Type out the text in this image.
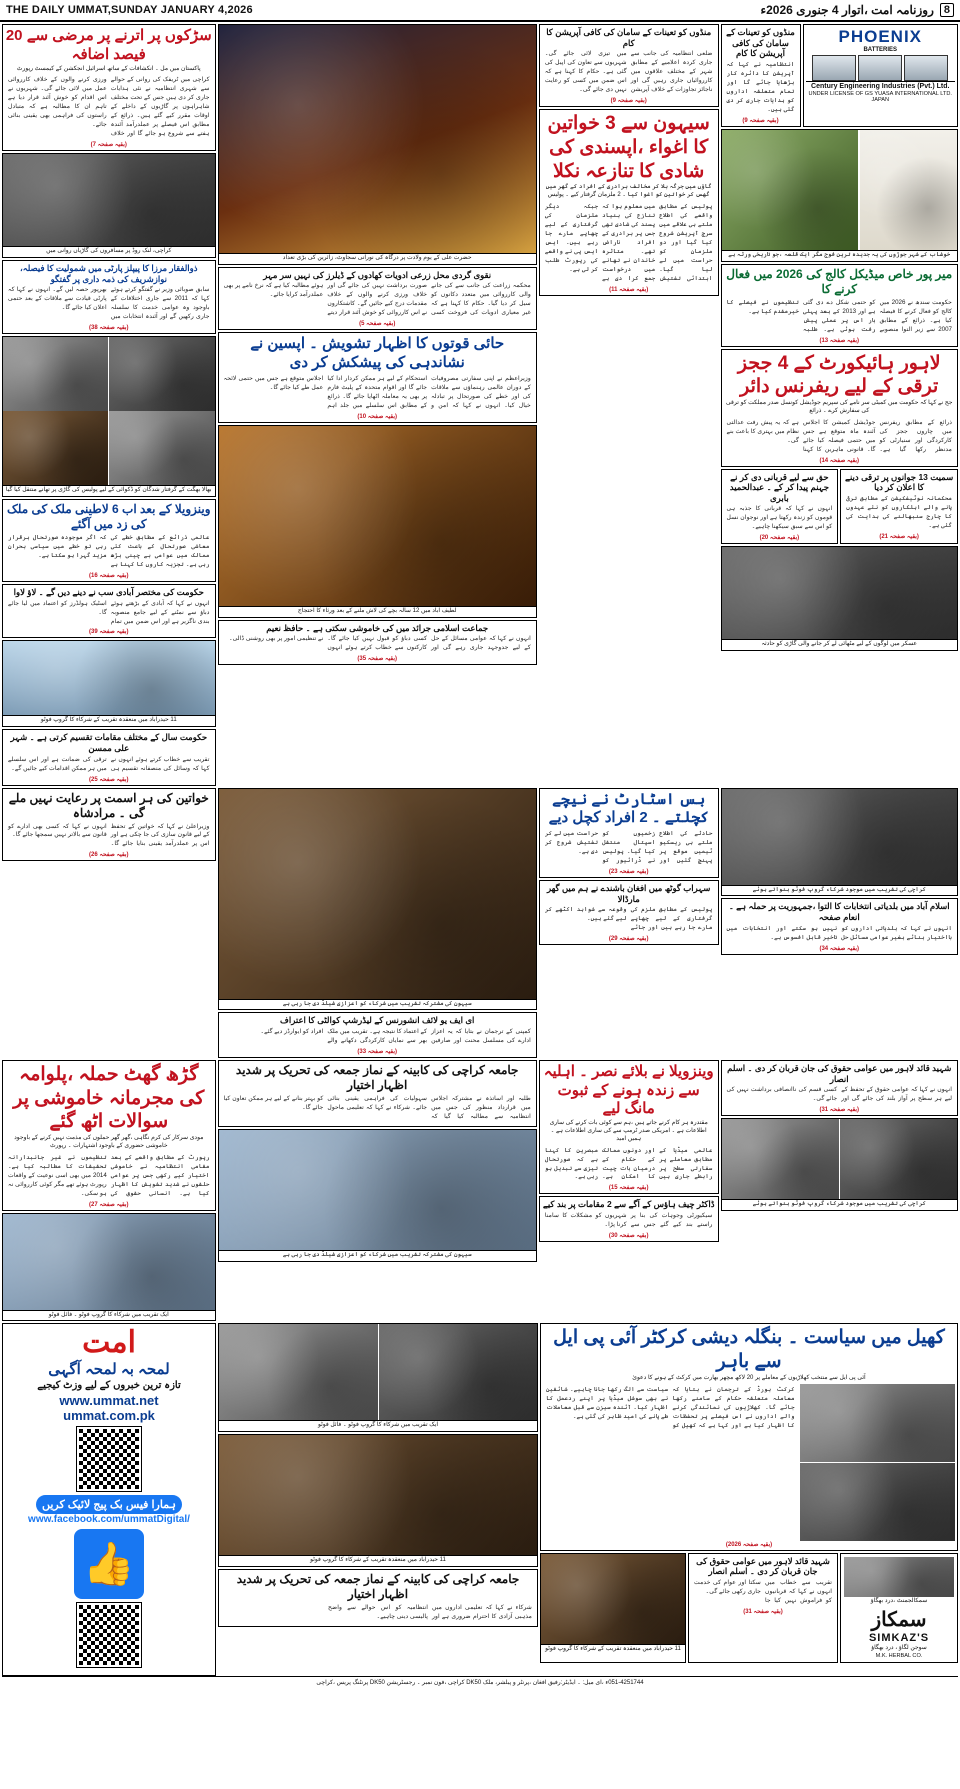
THE DAILY UMMAT,SUNDAY JANUARY 4,2026	روزنامہ امت ،اتوار 4 جنوری 2026ء 8
سڑکوں پر اترنے پر مرضی سے 20 فیصد اضافہ
پاکستان میں مل ۔ انکشافات کے ساتھ اسرائیل انجکشن کے کیمسٹ رپورٹ
کراچی میں ٹریفک کی روانی کے حوالے سے شہری انتظامیہ نے نئی ہدایات جاری کر دی ہیں جس کے تحت مختلف شاہراہوں پر گاڑیوں کے داخلے کے اوقات مقرر کیے گئے ہیں۔ ذرائع کے مطابق اس فیصلے پر عملدرآمد آئندہ ہفتے سے شروع ہو جائے گا اور خلاف ورزی کرنے والوں کے خلاف کارروائی عمل میں لائی جائے گی۔ شہریوں نے اس اقدام کو خوش آئند قرار دیا ہے تاہم ان کا مطالبہ ہے کہ متبادل راستوں کی فراہمی بھی یقینی بنائی جائے۔
(بقیہ صفحہ 7)
کراچی، لنک روڈ پر مسافروں کی گاڑیاں روانی میں
ذوالفقار مرزا کا پیپلز پارٹی میں شمولیت کا فیصلہ، نوازشریف کی ذمہ داری پر گفتگو
سابق صوبائی وزیر نے گفتگو کرتے ہوئے کہا کہ 2011 سے جاری اختلافات کے باوجود وہ عوامی خدمت کا سلسلہ جاری رکھیں گے اور آئندہ انتخابات میں بھرپور حصہ لیں گے۔ انہوں نے کہا کہ پارٹی قیادت سے ملاقات کے بعد حتمی اعلان کیا جائے گا۔
(بقیہ صفحہ 38)
بھالا بھگت کے گرفتار شدگان کو ڈکوائی کے لیے پولیس کی گاڑی پر تھانے منتقل کیا گیا
وینزویلا کے بعد اب 6 لاطینی ملک کی ملک کی زد میں آگئے
عالمی ذرائع کے مطابق خطے کی معاشی صورتحال کے باعث کئی ممالک میں عوامی بے چینی بڑھ رہی ہے۔ تجزیہ کاروں کا کہنا ہے کہ اگر موجودہ صورتحال برقرار رہی تو خطے میں سیاسی بحران مزید گہرا ہو سکتا ہے۔
(بقیہ صفحہ 16)
حکومت کی مختصر آبادی سب نے دینے دیں گے ۔ لاؤ لاوا
انہوں نے کہا کہ آبادی کے بڑھتے ہوئے دباؤ سے نمٹنے کے لیے جامع منصوبہ بندی ناگزیر ہے اور اس ضمن میں تمام اسٹیک ہولڈرز کو اعتماد میں لیا جائے گا۔
(بقیہ صفحہ 39)
11 حیدرآباد میں منعقدہ تقریب کے شرکاء کا گروپ فوٹو
حکومت سال کے مختلف مقامات تقسیم کرتی ہے ۔ شہر علی ممسن
تقریب سے خطاب کرتے ہوئے انہوں نے کہا کہ وسائل کی منصفانہ تقسیم ہی ترقی کی ضمانت ہے اور اس سلسلے میں ہر ممکن اقدامات کیے جائیں گے۔
(بقیہ صفحہ 25)
حضرت علی کے یوم ولادت پر درگاہ کی نورانی سجاوٹ، زائرین کی بڑی تعداد
نقوی گردی محل زرعی ادویات کھادوں کے ڈیلرز کی نہیں سر مہر
محکمہ زراعت کی جانب سے کی جانے والی کارروائی میں متعدد دکانوں کو سیل کر دیا گیا۔ حکام کا کہنا ہے کہ غیر معیاری ادویات کی فروخت کسی صورت برداشت نہیں کی جائے گی اور خلاف ورزی کرنے والوں کے خلاف مقدمات درج کیے جائیں گے۔ کاشتکاروں نے اس کارروائی کو خوش آئند قرار دیتے ہوئے مطالبہ کیا ہے کہ نرخ نامے پر بھی عملدرآمد کرایا جائے۔
(بقیہ صفحہ 5)
حائی قوتوں کا اظہار تشویش ۔ اپسین نے نشاندہی کی پیشکش کر دی
وزیراعظم نے اپنی سفارتی مصروفیات کے دوران عالمی رہنماؤں سے ملاقات کی اور خطے کی صورتحال پر تبادلہ خیال کیا۔ انہوں نے کہا کہ امن و استحکام کے لیے ہر ممکن کردار ادا کیا جائے گا اور اقوام متحدہ کے پلیٹ فارم پر بھی یہ معاملہ اٹھایا جائے گا۔ ذرائع کے مطابق اس سلسلے میں جلد اہم اجلاس متوقع ہے جس میں حتمی لائحہ عمل طے کیا جائے گا۔
(بقیہ صفحہ 10)
لطیف آباد میں 12 سالہ بچے کی لاش ملنے کے بعد ورثاء کا احتجاج
جماعت اسلامی جرائد میں کی خاموشی سکتی ہے ۔ حافظ نعیم
انہوں نے کہا کہ عوامی مسائل کے حل کے لیے جدوجہد جاری رہے گی اور کسی دباؤ کو قبول نہیں کیا جائے گا۔ کارکنوں سے خطاب کرتے ہوئے انہوں نے تنظیمی امور پر بھی روشنی ڈالی۔
(بقیہ صفحہ 35)
منڈوں کو تعینات کے سامان کی کافی آپریشن کا کام
ضلعی انتظامیہ کی جانب سے جاری کردہ اعلامیے کے مطابق شہر کے مختلف علاقوں میں کارروائیاں جاری رہیں گی اور ناجائز تجاوزات کے خلاف آپریشن میں تیزی لائی جائے گی۔ شہریوں سے تعاون کی اپیل کی گئی ہے۔ حکام کا کہنا ہے کہ اس ضمن میں کسی کو رعایت نہیں دی جائے گی۔
(بقیہ صفحہ 9)
سیہون سے 3 خواتین کا اغواء ،اپسندی کی شادی کا تنازعہ نکلا
گاؤں میں جرگہ بلا کر مخالف برادری کے افراد کے گھر میں گھس کر خواتین کو اغوا کیا ۔ 2 ملزمان گرفتار کیے ۔ پولیس
پولیس کے مطابق واقعے کی اطلاع ملتے ہی علاقے میں سرچ آپریشن شروع کیا گیا اور دو ملزمان کو حراست میں لے لیا گیا۔ ابتدائی تفتیش میں معلوم ہوا کہ تنازع کی بنیاد پسند کی شادی تھی جس پر برادری کے افراد ناراض تھے۔ متاثرہ خاندان نے تھانے میں درخواست جمع کرا دی ہے جبکہ دیگر ملزمان کی گرفتاری کے لیے چھاپے مارے جا رہے ہیں۔ ایس ایس پی نے واقعے کی رپورٹ طلب کر لی ہے۔
(بقیہ صفحہ 11)
منڈوں کو تعینات کے سامان کی کافی آپریشن کا کام
انتظامیہ نے کہا کہ آپریشن کا دائرہ کار بڑھایا جائے گا اور تمام متعلقہ اداروں کو ہدایات جاری کر دی گئی ہیں۔
(بقیہ صفحہ 9)
PHOENIX
BATTERIES
Century Engineering Industries (Pvt.) Ltd.
UNDER LICENSE OF GS YUASA INTERNATIONAL LTD. JAPAN
خوشاب کے شہر جوڑوں کی یہ جدیدہ ترین فوج مگر ایک قلعہ ،جو تاریخی ورثہ ہے
میر پور خاص میڈیکل کالج کی 2026 میں فعال کرنے کا
حکومت سندھ نے 2026 میں کالج کو فعال کرنے کا فیصلہ کیا ہے۔ ذرائع کے مطابق 2007 سے زیر التوا منصوبے کو حتمی شکل دے دی گئی ہے اور 2013 کے بعد پہلی بار اس پر عملی پیش رفت ہوئی ہے۔ طلبہ تنظیموں نے فیصلے کا خیرمقدم کیا ہے۔
(بقیہ صفحہ 13)
لاہور ہائیکورٹ کے 4 ججز ترقی کے لیے ریفرنس دائر
جج نے کہا کہ حکومت میں کمیٹی سر نامے کی سپریم جوڈیشل کونسل صدر مملکت کو ترقی کی سفارش کرے ۔ ذرائع
ذرائع کے مطابق ریفرنس میں چاروں ججز کی کارکردگی اور سنیارٹی کو مدنظر رکھا گیا ہے۔ جوڈیشل کمیشن کا اجلاس آئندہ ماہ متوقع ہے جس میں حتمی فیصلہ کیا جائے گا۔ قانونی ماہرین کا کہنا ہے کہ یہ پیش رفت عدالتی نظام میں بہتری کا باعث بنے گی۔
(بقیہ صفحہ 14)
حق سے لیے قربانی دی کر نے جہنم پیدا کر کے ۔ عبدالحمید بابری
انہوں نے کہا کہ قربانی کا جذبہ ہی قوموں کو زندہ رکھتا ہے اور نوجوان نسل کو اس سے سبق سیکھنا چاہیے۔
(بقیہ صفحہ 20)
سمیت 13 جوانوں پر ترقی دینے کا اعلان کر دیا
محکمانہ نوٹیفکیشن کے مطابق ترقی پانے والے اہلکاروں کو نئے عہدوں کا چارج سنبھالنے کی ہدایت کی گئی ہے۔
(بقیہ صفحہ 21)
عسکر میں لوگوں کے لیے مٹھائی لے کر جانے والی گاڑی کو حادثہ
خواتین کی ہر اسمت پر رعایت نہیں ملے گی ۔ مرادشاہ
وزیراعلیٰ نے کہا کہ خواتین کے تحفظ کے لیے قانون سازی کی جا چکی ہے اور اس پر عملدرآمد یقینی بنایا جائے گا۔ انہوں نے کہا کہ کسی بھی ادارے کو قانون سے بالاتر نہیں سمجھا جائے گا۔
(بقیہ صفحہ 26)
سیہون کی مشترکہ تقریب میں شرکاء کو اعزازی شیلڈ دی جا رہی ہے
ای ایف یو لائف انشورنس کے لیڈرشپ کوالٹی کا اعتراف
کمپنی کے ترجمان نے بتایا کہ یہ اعزاز ادارے کی مسلسل محنت اور صارفین کے اعتماد کا نتیجہ ہے۔ تقریب میں ملک بھر سے نمایاں کارکردگی دکھانے والے افراد کو ایوارڈز دیے گئے۔
(بقیہ صفحہ 33)
بس اسٹارٹ نے نیچے کچلتے ۔ 2 افراد کچل دیے
حادثے کی اطلاع ملتے ہی ریسکیو ٹیمیں موقع پر پہنچ گئیں اور زخمیوں کو اسپتال منتقل کیا گیا۔ پولیس نے ڈرائیور کو حراست میں لے کر تفتیش شروع کر دی ہے۔
(بقیہ صفحہ 23)
سہراب گوٹھ میں افغان باشندے نے ہم میں گھر مارڈالا
پولیس کے مطابق ملزم کی گرفتاری کے لیے چھاپے مارے جا رہے ہیں اور جائے وقوعہ سے شواہد اکٹھے کر لیے گئے ہیں۔
(بقیہ صفحہ 29)
کراچی کی تقریب میں موجود شرکاء گروپ فوٹو بنواتے ہوئے
اسلام آباد میں بلدیاتی انتخابات کا التوا ،جمہوریت پر حملہ ہے ۔ انعام صفحہ
انہوں نے کہا کہ بلدیاتی اداروں کو بااختیار بنائے بغیر عوامی مسائل حل نہیں ہو سکتے اور انتخابات میں تاخیر قابل افسوس ہے۔
(بقیہ صفحہ 34)
گڑھ گھٹ حملہ ،پلوامہ کی مجرمانہ خاموشی پر سوالات اٹھ گئے
مودی سرکار کی کرم نگاہی ،گھر گھر حملوں کی مذمت نہیں کرنے کے باوجود خاموشی حضوری کے باوجود اشتہارات ۔ رپورٹ
رپورٹ کے مطابق واقعے کے بعد مقامی انتظامیہ نے خاموشی اختیار کیے رکھی جس پر عوامی حلقوں نے شدید تشویش کا اظہار کیا ہے۔ انسانی حقوق کی تنظیموں نے غیر جانبدارانہ تحقیقات کا مطالبہ کیا ہے۔ 2014 میں بھی اسی نوعیت کے واقعات رپورٹ ہوئے تھے مگر کوئی کارروائی نہ ہو سکی۔
(بقیہ صفحہ 27)
ایک تقریب میں شرکاء کا گروپ فوٹو ۔ فائل فوٹو
جامعہ کراچی کی کابینہ کے نماز جمعہ کی تحریک پر شدید اظہار اختیار
طلبہ اور اساتذہ نے مشترکہ اجلاس میں قرارداد منظور کی جس میں انتظامیہ سے مطالبہ کیا گیا کہ سہولیات کی فراہمی یقینی بنائی جائے۔ شرکاء نے کہا کہ تعلیمی ماحول کو بہتر بنانے کے لیے ہر ممکن تعاون کیا جائے گا۔
سیہون کی مشترکہ تقریب میں شرکاء کو اعزازی شیلڈ دی جا رہی ہے
وینزویلا نے بلائے نصر ۔ اہلیہ سے زندہ ہونے کے ثبوت مانگ لیے
مقتدرہ ہر کام کرنے جاتے ہیں ،ہم سے کوئی بات کرنے کی ساری اطلاعات ہے ۔ امریکی صدر ٹرمپ سے کی ساری اطلاعات ہے ۔ ہمیں امید
عالمی میڈیا کے مطابق معاملے پر سفارتی سطح پر رابطے جاری ہیں اور دونوں ممالک کے حکام کے درمیان بات چیت کا امکان ہے۔ مبصرین کا کہنا ہے کہ صورتحال تیزی سے تبدیل ہو رہی ہے۔
(بقیہ صفحہ 15)
ڈاکٹر چیف ہاؤس کے آگے سے 2 مقامات پر بند کیے
سیکیورٹی وجوہات کی بنا پر راستے بند کیے گئے جس سے شہریوں کو مشکلات کا سامنا کرنا پڑا۔
(بقیہ صفحہ 30)
شہید قائد لاہور میں عوامی حقوق کی جان قربان کر دی ۔ اسلم انصار
انہوں نے کہا کہ عوامی حقوق کے تحفظ کے لیے ہر سطح پر آواز بلند کی جائے گی اور کسی قسم کی ناانصافی برداشت نہیں کی جائے گی۔
(بقیہ صفحہ 31)
کراچی کی تقریب میں موجود شرکاء گروپ فوٹو بنواتے ہوئے
امت
لمحہ بہ لمحہ آگہی
تازہ ترین خبروں کے لیے وزٹ کیجیے
www.ummat.net
ummat.com.pk
ہمارا فیس بک پیج لائیک کریں
www.facebook.com/ummatDigital/
👍
ایک تقریب میں شرکاء کا گروپ فوٹو ۔ فائل فوٹو
11 حیدرآباد میں منعقدہ تقریب کے شرکاء کا گروپ فوٹو
جامعہ کراچی کی کابینہ کے نماز جمعہ کی تحریک پر شدید اظہار اختیار
شرکاء نے کہا کہ تعلیمی اداروں میں مذہبی آزادی کا احترام ضروری ہے اور انتظامیہ کو اس حوالے سے واضح پالیسی دینی چاہیے۔
کھیل میں سیاست ۔ بنگلہ دیشی کرکٹر آئی پی ایل سے باہر
آئی پی ایل سے منتخب کھلاڑیوں کے معاملے پر 20 لاکھ مچھر بھارت میں کرکٹ کے ہونے کا دعویٰ
کرکٹ بورڈ کے ترجمان نے بتایا کہ معاملہ متعلقہ حکام کے سامنے رکھا جائے گا۔ کھلاڑیوں کی نمائندگی کرنے والے اداروں نے اس فیصلے پر تحفظات کا اظہار کیا ہے اور کہا ہے کہ کھیل کو سیاست سے الگ رکھا جانا چاہیے۔ شائقین نے بھی سوشل میڈیا پر اپنے ردعمل کا اظہار کیا۔ آئندہ سیزن سے قبل معاملات طے پانے کی امید ظاہر کی گئی ہے۔
(بقیہ صفحہ 2026)
11 حیدرآباد میں منعقدہ تقریب کے شرکاء کا گروپ فوٹو
شہید قائد لاہور میں عوامی حقوق کی جان قربان کر دی ۔ اسلم انصار
تقریب سے خطاب میں انہوں نے کہا کہ قربانیوں کو فراموش نہیں کیا جا سکتا اور عوام کی خدمت جاری رکھی جائے گی۔
(بقیہ صفحہ 31)
سمکالجمنٹ ،درد بھگاؤ
سمکاز
SIMKAZ'S
سوجن لگاؤ ، درد بھگاؤ
M.K. HERBAL CO.
051-4251744ء ،ای میل: ۔ ایڈیٹر:رفیق افغان ،پرنٹر و پبلشر، ملک DK50 کراچی ،فون نمبر ۔ رجسٹریشن DK50 پرنٹنگ پریس ،کراچی
